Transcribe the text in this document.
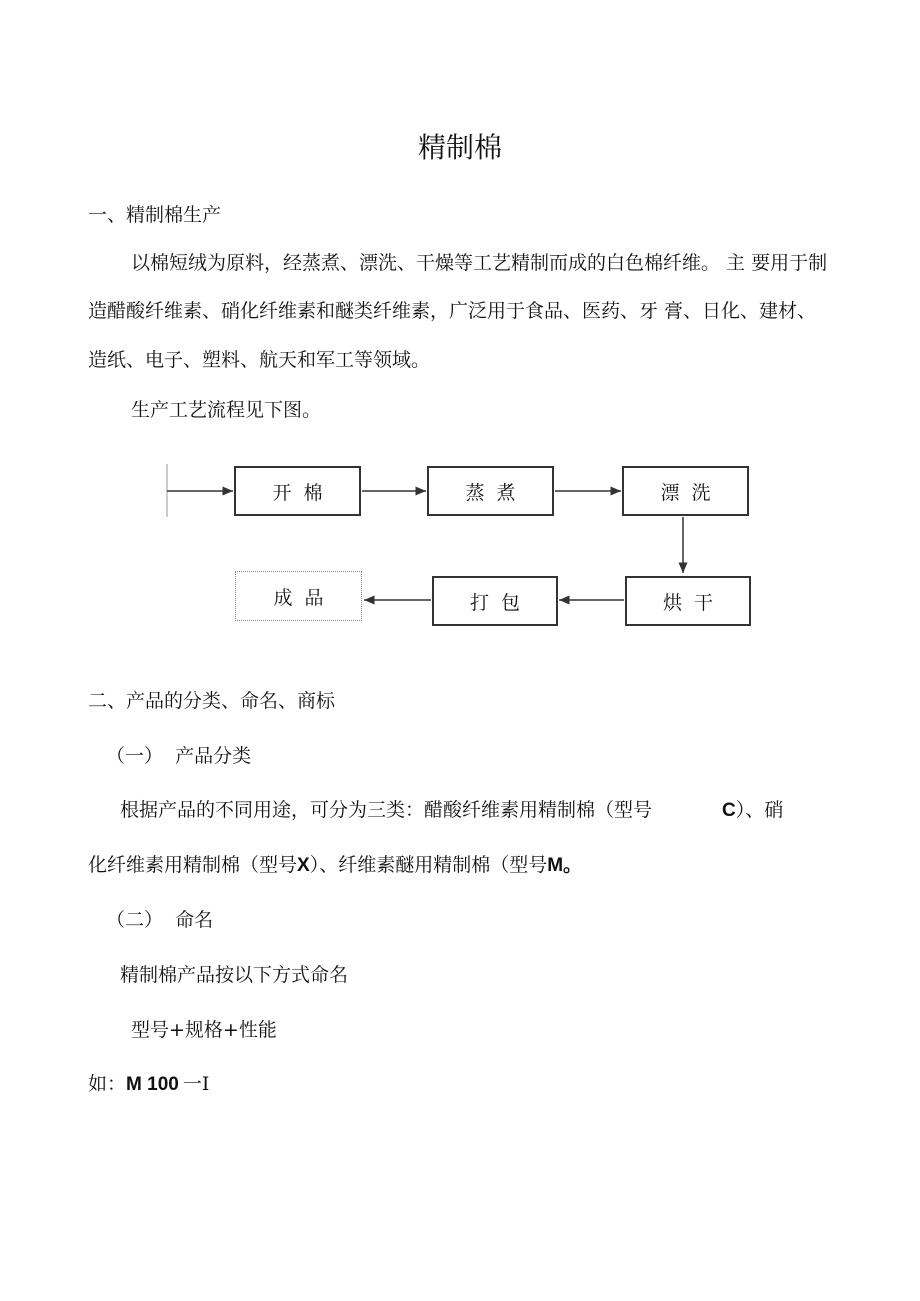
精制棉
一、精制棉生产
以棉短绒为原料，经蒸煮、漂洗、干燥等工艺精制而成的白色棉纤维。 主 要用于制
造醋酸纤维素、硝化纤维素和醚类纤维素，广泛用于食品、医药、牙 膏、日化、建材、
造纸、电子、塑料、航天和军工等领域。
生产工艺流程见下图。
开棉	蒸煮	漂洗
烘干
打包
成品
二、产品的分类、命名、商标
（一）  产品分类
根据产品的不同用途，可分为三类：醋酸纤维素用精制棉（型号	C）、硝
化纤维素用精制棉（型号X）、纤维素醚用精制棉（型号M。
（二）  命名
精制棉产品按以下方式命名
型号+规格+性能
如：M 100 一Ⅰ
